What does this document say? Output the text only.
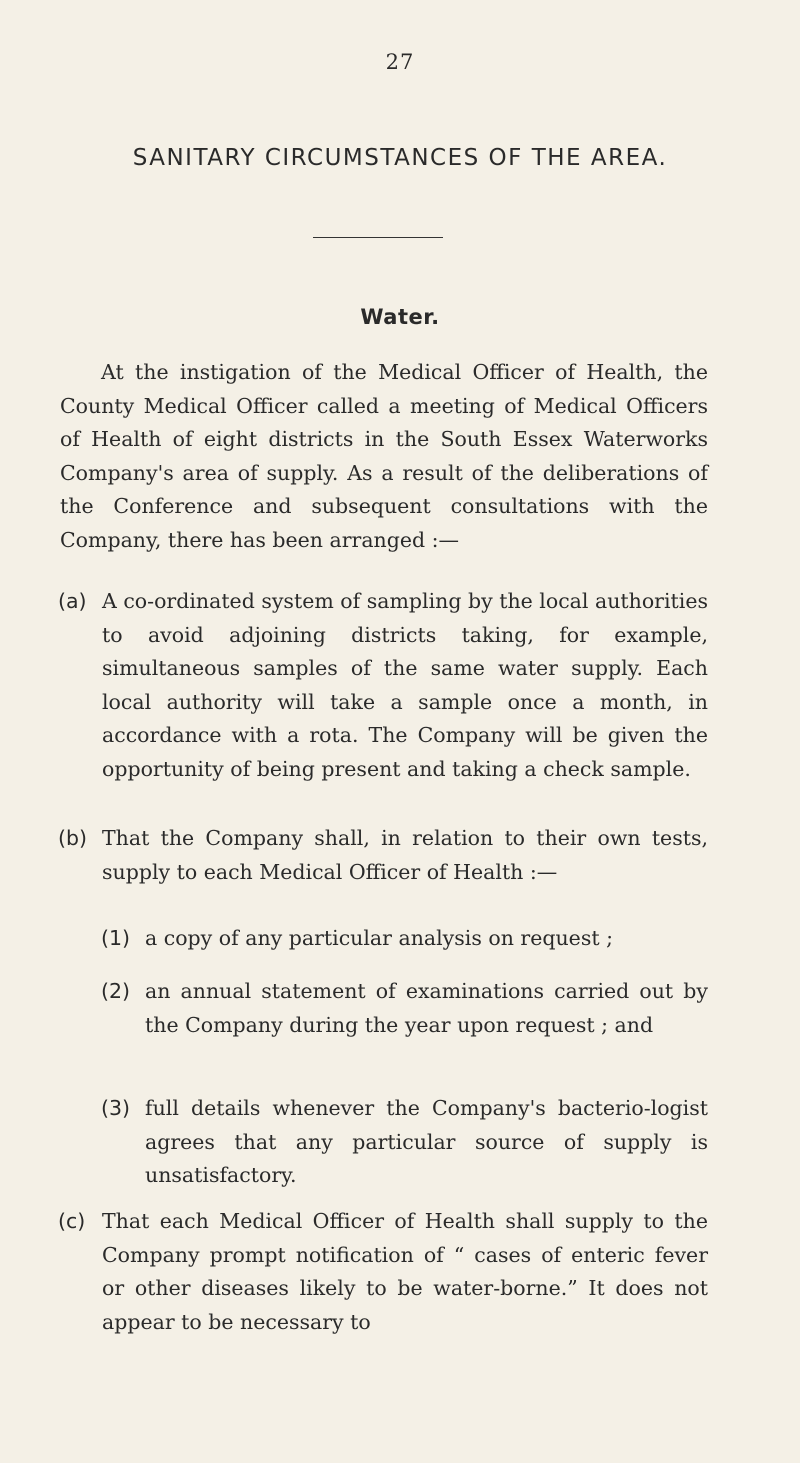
27
SANITARY CIRCUMSTANCES OF THE AREA.
Water.
At the instigation of the Medical Officer of Health, the County Medical Officer called a meeting of Medical Officers of Health of eight districts in the South Essex Waterworks Company's area of supply. As a result of the deliberations of the Conference and subsequent consultations with the Company, there has been arranged :—
(a) A co-ordinated system of sampling by the local authorities to avoid adjoining districts taking, for example, simultaneous samples of the same water supply. Each local authority will take a sample once a month, in accordance with a rota. The Company will be given the opportunity of being present and taking a check sample.
(b) That the Company shall, in relation to their own tests, supply to each Medical Officer of Health :—
(1) a copy of any particular analysis on request ;
(2) an annual statement of examinations carried out by the Company during the year upon request ; and
(3) full details whenever the Company's bacterio-logist agrees that any particular source of supply is unsatisfactory.
(c) That each Medical Officer of Health shall supply to the Company prompt notification of “ cases of enteric fever or other diseases likely to be water-borne.” It does not appear to be necessary to
